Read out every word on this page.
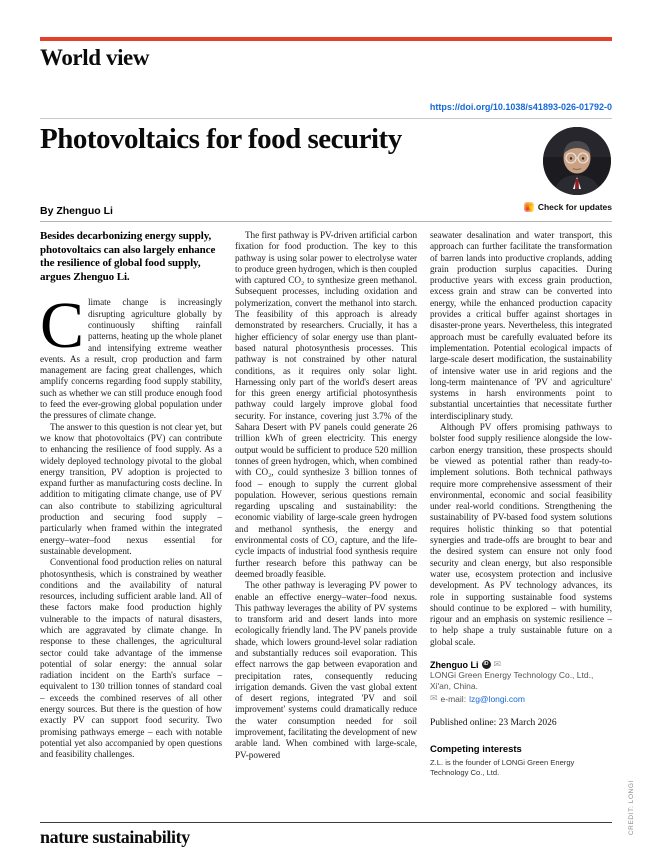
World view
https://doi.org/10.1038/s41893-026-01792-0
Photovoltaics for food security
By Zhenguo Li	Check for updates

Besides decarbonizing energy supply, photovoltaics can also largely enhance the resilience of global food supply, argues Zhenguo Li.

Climate change is increasingly disrupting agriculture globally by continuously shifting rainfall patterns, heating up the whole planet and intensifying extreme weather events. As a result, crop production and farm management are facing great challenges, which amplify concerns regarding food supply stability, such as whether we can still produce enough food to feed the ever-growing global population under the pressures of climate change.

The answer to this question is not clear yet, but we know that photovoltaics (PV) can contribute to enhancing the resilience of food supply. As a widely deployed technology pivotal to the global energy transition, PV adoption is projected to expand further as manufacturing costs decline. In addition to mitigating climate change, use of PV can also contribute to stabilizing agricultural production and securing food supply – particularly when framed within the integrated energy–water–food nexus essential for sustainable development.

Conventional food production relies on natural photosynthesis, which is constrained by weather conditions and the availability of natural resources, including sufficient arable land. All of these factors make food production highly vulnerable to the impacts of natural disasters, which are aggravated by climate change. In response to these challenges, the agricultural sector could take advantage of the immense potential of solar energy: the annual solar radiation incident on the Earth's surface – equivalent to 130 trillion tonnes of standard coal – exceeds the combined reserves of all other energy sources. But there is the question of how exactly PV can support food security. Two promising pathways emerge – each with notable potential yet also accompanied by open questions and feasibility challenges.

The first pathway is PV-driven artificial carbon fixation for food production. The key to this pathway is using solar power to electrolyse water to produce green hydrogen, which is then coupled with captured CO₂ to synthesize green methanol. Subsequent processes, including oxidation and polymerization, convert the methanol into starch. The feasibility of this approach is already demonstrated by researchers. Crucially, it has a higher efficiency of solar energy use than plant-based natural photosynthesis processes. This pathway is not constrained by other natural conditions, as it requires only solar light. Harnessing only part of the world's desert areas for this green energy artificial photosynthesis pathway could largely improve global food security. For instance, covering just 3.7% of the Sahara Desert with PV panels could generate 26 trillion kWh of green electricity. This energy output would be sufficient to produce 520 million tonnes of green hydrogen, which, when combined with CO₂, could synthesize 3 billion tonnes of food – enough to supply the current global population. However, serious questions remain regarding upscaling and sustainability: the economic viability of large-scale green hydrogen and methanol synthesis, the energy and environmental costs of CO₂ capture, and the life-cycle impacts of industrial food synthesis require further research before this pathway can be deemed broadly feasible.

The other pathway is leveraging PV power to enable an effective energy–water–food nexus. This pathway leverages the ability of PV systems to transform arid and desert lands into more ecologically friendly land. The PV panels provide shade, which lowers ground-level solar radiation and substantially reduces soil evaporation. This effect narrows the gap between evaporation and precipitation rates, consequently reducing irrigation demands. Given the vast global extent of desert regions, integrated 'PV and soil improvement' systems could dramatically reduce the water consumption needed for soil improvement, facilitating the development of new arable land. When combined with large-scale, PV-powered

seawater desalination and water transport, this approach can further facilitate the transformation of barren lands into productive croplands, adding grain production surplus capacities. During productive years with excess grain production, excess grain and straw can be converted into energy, while the enhanced production capacity provides a critical buffer against shortages in disaster-prone years. Nevertheless, this integrated approach must be carefully evaluated before its implementation. Potential ecological impacts of large-scale desert modification, the sustainability of intensive water use in arid regions and the long-term maintenance of 'PV and agriculture' systems in harsh environments point to substantial uncertainties that necessitate further interdisciplinary study.

Although PV offers promising pathways to bolster food supply resilience alongside the low-carbon energy transition, these prospects should be viewed as potential rather than ready-to-implement solutions. Both technical pathways require more comprehensive assessment of their environmental, economic and social feasibility under real-world conditions. Strengthening the sustainability of PV-based food system solutions requires holistic thinking so that potential synergies and trade-offs are brought to bear and the desired system can ensure not only food security and clean energy, but also responsible water use, ecosystem protection and inclusive development. As PV technology advances, its role in supporting sustainable food systems should continue to be explored – with humility, rigour and an emphasis on systemic resilience – to help shape a truly sustainable future on a global scale.

Zhenguo Li	iD ✉
LONGi Green Energy Technology Co., Ltd.,
Xi'an, China.
✉ e-mail: lzg@longi.com
Published online: 23 March 2026
Competing interests
Z.L. is the founder of LONGi Green Energy Technology Co., Ltd.
nature sustainability
CREDIT: LONGI
